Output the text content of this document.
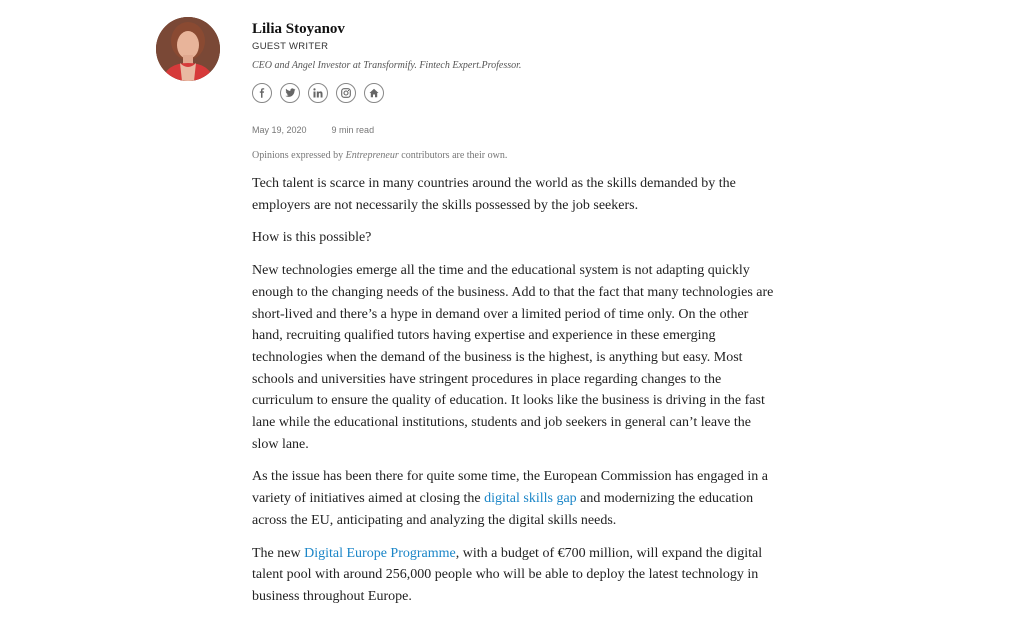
Lilia Stoyanov
GUEST WRITER
CEO and Angel Investor at Transformify. Fintech Expert.Professor.
May 19, 2020	9 min read
Opinions expressed by Entrepreneur contributors are their own.

Tech talent is scarce in many countries around the world as the skills demanded by the employers are not necessarily the skills possessed by the job seekers.

How is this possible?

New technologies emerge all the time and the educational system is not adapting quickly enough to the changing needs of the business. Add to that the fact that many technologies are short-lived and there’s a hype in demand over a limited period of time only. On the other hand, recruiting qualified tutors having expertise and experience in these emerging technologies when the demand of the business is the highest, is anything but easy. Most schools and universities have stringent procedures in place regarding changes to the curriculum to ensure the quality of education. It looks like the business is driving in the fast lane while the educational institutions, students and job seekers in general can’t leave the slow lane.

As the issue has been there for quite some time, the European Commission has engaged in a variety of initiatives aimed at closing the digital skills gap and modernizing the education across the EU, anticipating and analyzing the digital skills needs.

The new Digital Europe Programme, with a budget of €700 million, will expand the digital talent pool with around 256,000 people who will be able to deploy the latest technology in business throughout Europe.
